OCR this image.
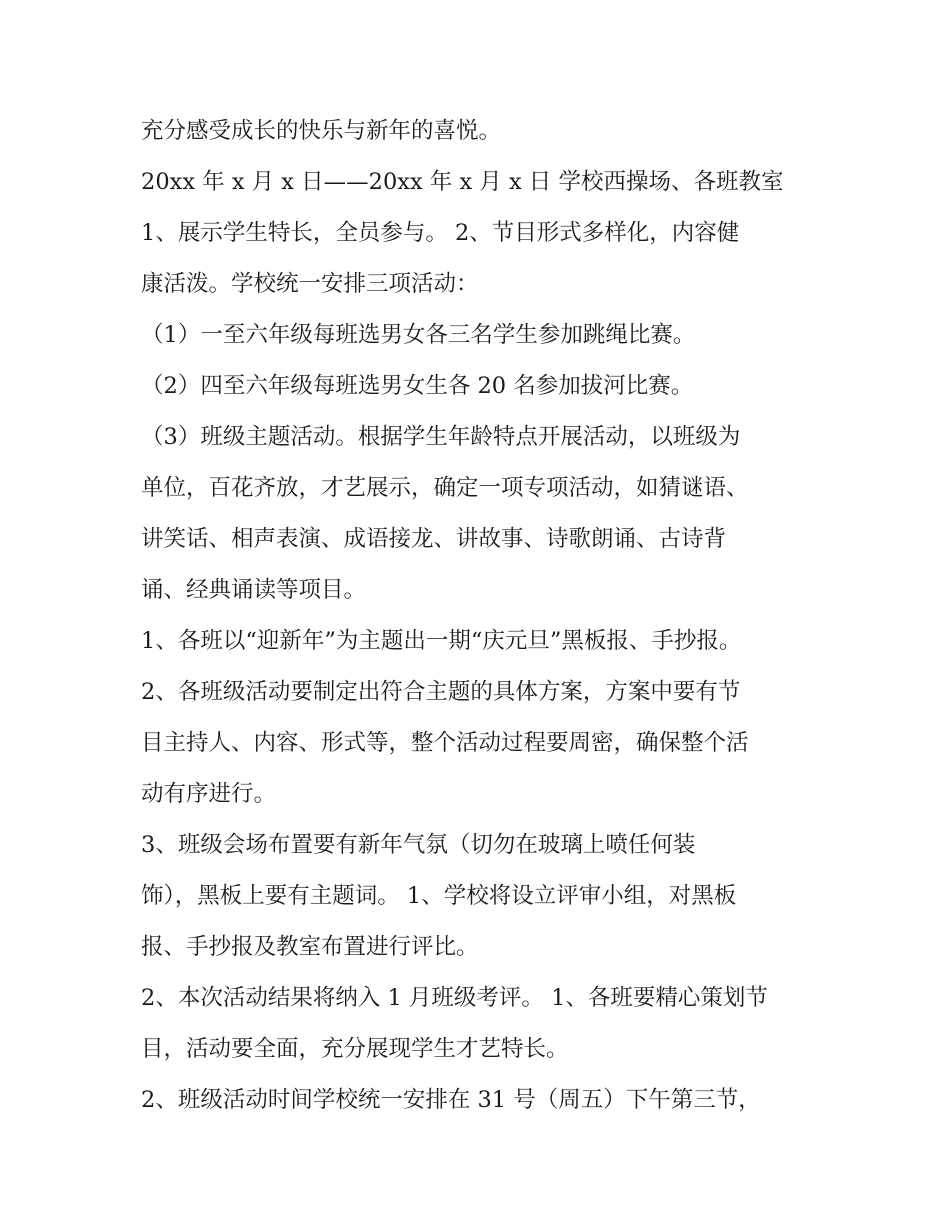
充分感受成长的快乐与新年的喜悦。
20xx 年 x 月 x 日——20xx 年 x 月 x 日 学校西操场、各班教室
1、展示学生特长，全员参与。 2、节目形式多样化，内容健
康活泼。学校统一安排三项活动：
（1）一至六年级每班选男女各三名学生参加跳绳比赛。
（2）四至六年级每班选男女生各 20 名参加拔河比赛。
（3）班级主题活动。根据学生年龄特点开展活动，以班级为
单位，百花齐放，才艺展示，确定一项专项活动，如猜谜语、
讲笑话、相声表演、成语接龙、讲故事、诗歌朗诵、古诗背
诵、经典诵读等项目。
1、各班以“迎新年”为主题出一期“庆元旦”黑板报、手抄报。
2、各班级活动要制定出符合主题的具体方案，方案中要有节
目主持人、内容、形式等，整个活动过程要周密，确保整个活
动有序进行。
3、班级会场布置要有新年气氛（切勿在玻璃上喷任何装
饰），黑板上要有主题词。 1、学校将设立评审小组，对黑板
报、手抄报及教室布置进行评比。
2、本次活动结果将纳入 1 月班级考评。 1、各班要精心策划节
目，活动要全面，充分展现学生才艺特长。
2、班级活动时间学校统一安排在 31 号（周五）下午第三节，
